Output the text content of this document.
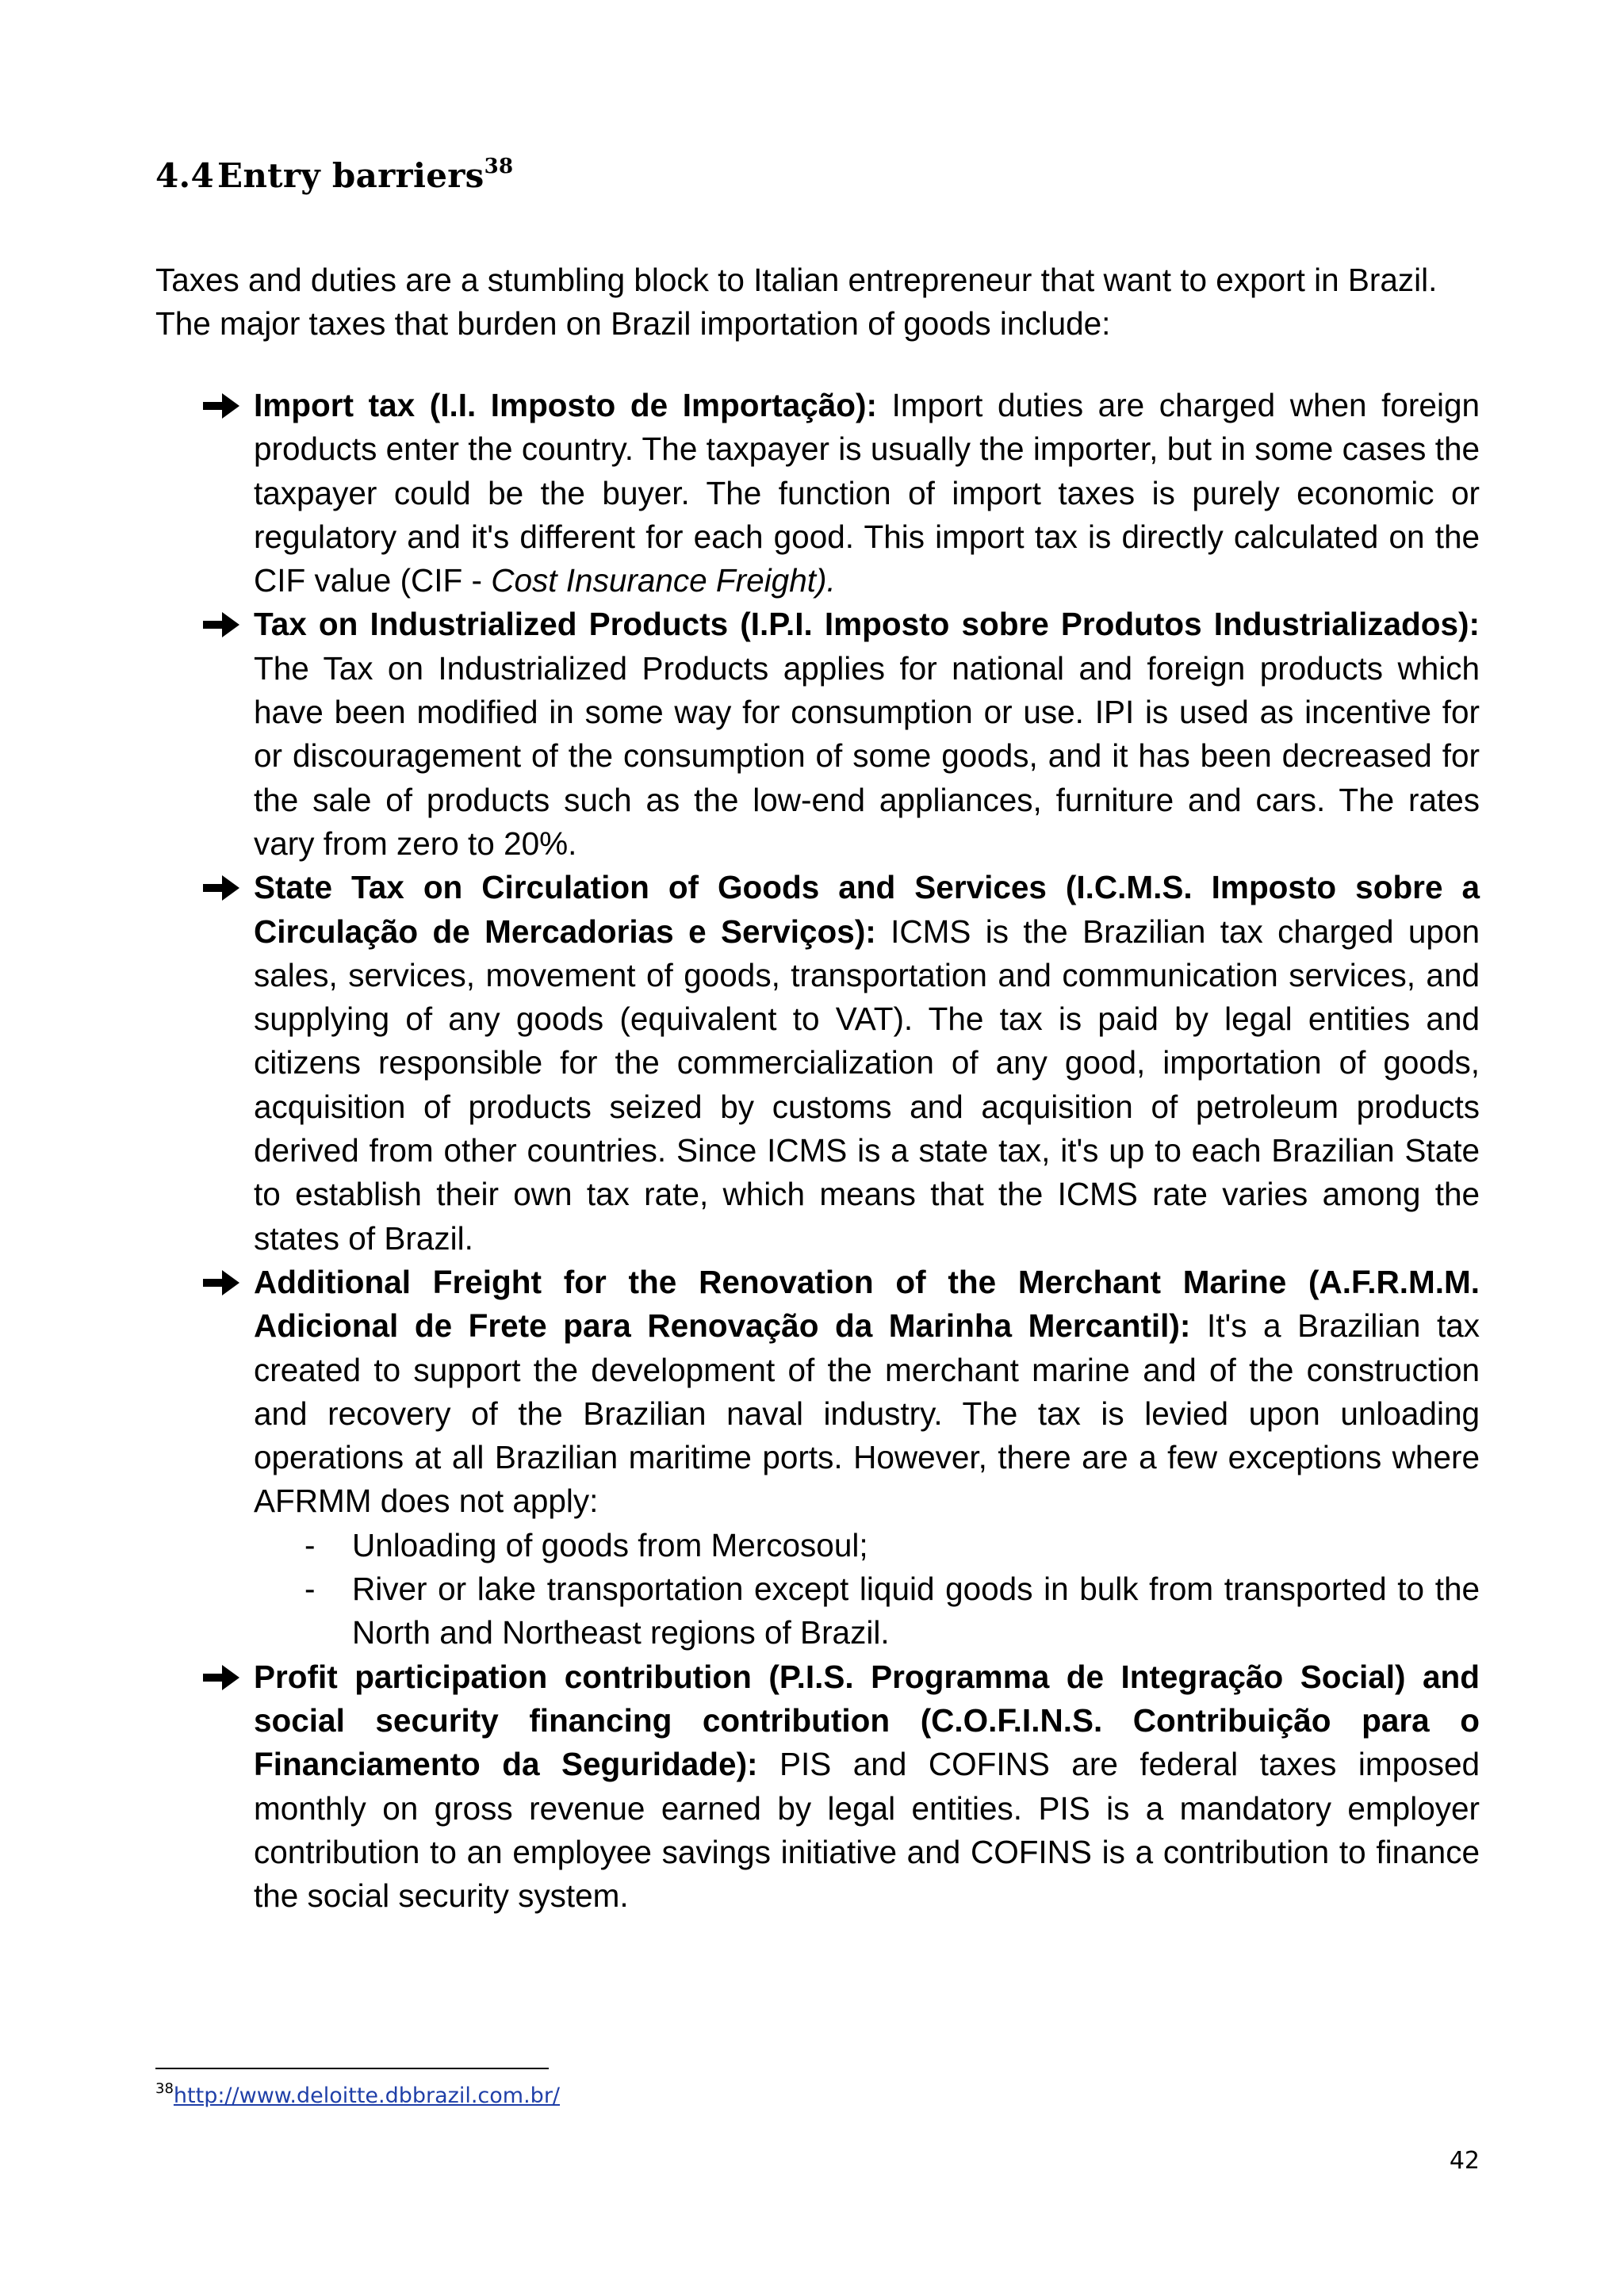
4.4Entry barriers$^{38}$

Taxes and duties are a stumbling block to Italian entrepreneur that want to export in Brazil.

The major taxes that burden on Brazil importation of goods include:

Import tax (I.I. Imposto de Importação): Import duties are charged when foreign products enter the country. The taxpayer is usually the importer, but in some cases the taxpayer could be the buyer. The function of import taxes is purely economic or regulatory and it's different for each good. This import tax is directly calculated on the CIF value (CIF - Cost Insurance Freight).
Tax on Industrialized Products (I.P.I. Imposto sobre Produtos Industrializados): The Tax on Industrialized Products applies for national and foreign products which have been modified in some way for consumption or use. IPI is used as incentive for or discouragement of the consumption of some goods, and it has been decreased for the sale of products such as the low-end appliances, furniture and cars. The rates vary from zero to 20%.
State Tax on Circulation of Goods and Services (I.C.M.S. Imposto sobre a Circulação de Mercadorias e Serviços): ICMS is the Brazilian tax charged upon sales, services, movement of goods, transportation and communication services, and supplying of any goods (equivalent to VAT). The tax is paid by legal entities and citizens responsible for the commercialization of any good, importation of goods, acquisition of products seized by customs and acquisition of petroleum products derived from other countries. Since ICMS is a state tax, it's up to each Brazilian State to establish their own tax rate, which means that the ICMS rate varies among the states of Brazil.
Additional Freight for the Renovation of the Merchant Marine (A.F.R.M.M. Adicional de Frete para Renovação da Marinha Mercantil): It's a Brazilian tax created to support the development of the merchant marine and of the construction and recovery of the Brazilian naval industry. The tax is levied upon unloading operations at all Brazilian maritime ports. However, there are a few exceptions where AFRMM does not apply:
- Unloading of goods from Mercosoul;
- River or lake transportation except liquid goods in bulk from transported to the North and Northeast regions of Brazil.
Profit participation contribution (P.I.S. Programma de Integração Social) and social security financing contribution (C.O.F.I.N.S. Contribuição para o Financiamento da Seguridade): PIS and COFINS are federal taxes imposed monthly on gross revenue earned by legal entities. PIS is a mandatory employer contribution to an employee savings initiative and COFINS is a contribution to finance the social security system.
$^{38}$http://www.deloitte.dbbrazil.com.br/
42
